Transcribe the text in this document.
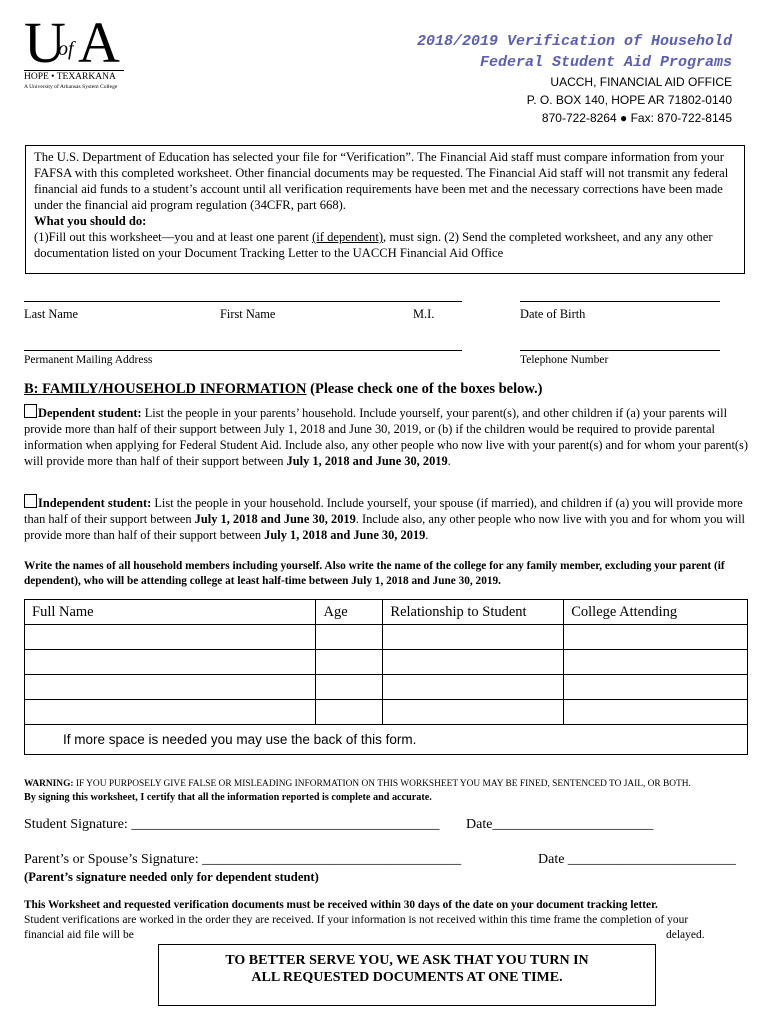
U
of A
HOPE • TEXARKANA
A University of Arkansas System College
2018/2019 Verification of Household
Federal Student Aid Programs
UACCH, FINANCIAL AID OFFICE
P. O. BOX 140, HOPE AR 71802-0140
870-722-8264 ● Fax: 870-722-8145
The U.S. Department of Education has selected your file for “Verification”. The Financial Aid staff must compare information from your FAFSA with this completed worksheet. Other financial documents may be requested. The Financial Aid staff will not transmit any federal financial aid funds to a student’s account until all verification requirements have been met and the necessary corrections have been made under the financial aid program regulation (34CFR, part 668).
What you should do:
(1)Fill out this worksheet—you and at least one parent (if dependent), must sign. (2) Send the completed worksheet, and any any other documentation listed on your Document Tracking Letter to the UACCH Financial Aid Office
Last Name	First Name	M.I.	Date of Birth
Permanent Mailing Address	Telephone Number
B: FAMILY/HOUSEHOLD INFORMATION (Please check one of the boxes below.)
Dependent student: List the people in your parents’ household. Include yourself, your parent(s), and other children if (a) your parents will provide more than half of their support between July 1, 2018 and June 30, 2019, or (b) if the children would be required to provide parental information when applying for Federal Student Aid. Include also, any other people who now live with your parent(s) and for whom your parent(s) will provide more than half of their support between July 1, 2018 and June 30, 2019.
Independent student: List the people in your household. Include yourself, your spouse (if married), and children if (a) you will provide more than half of their support between July 1, 2018 and June 30, 2019. Include also, any other people who now live with you and for whom you will provide more than half of their support between July 1, 2018 and June 30, 2019.
Write the names of all household members including yourself. Also write the name of the college for any family member, excluding your parent (if dependent), who will be attending college at least half-time between July 1, 2018 and June 30, 2019.
Full Name	Age	Relationship to Student	College Attending

If more space is needed you may use the back of this form.			
WARNING: IF YOU PURPOSELY GIVE FALSE OR MISLEADING INFORMATION ON THIS WORKSHEET YOU MAY BE FINED, SENTENCED TO JAIL, OR BOTH.
By signing this worksheet, I certify that all the information reported is complete and accurate.
Student Signature: ____________________________________________ Date_______________________
Parent’s or Spouse’s Signature: _____________________________________	Date ________________________
(Parent’s signature needed only for dependent student)
This Worksheet and requested verification documents must be received within 30 days of the date on your document tracking letter.
Student verifications are worked in the order they are received. If your information is not received within this time frame the completion of your
financial aid file will be	delayed.
TO BETTER SERVE YOU, WE ASK THAT YOU TURN IN ALL REQUESTED DOCUMENTS AT ONE TIME.
